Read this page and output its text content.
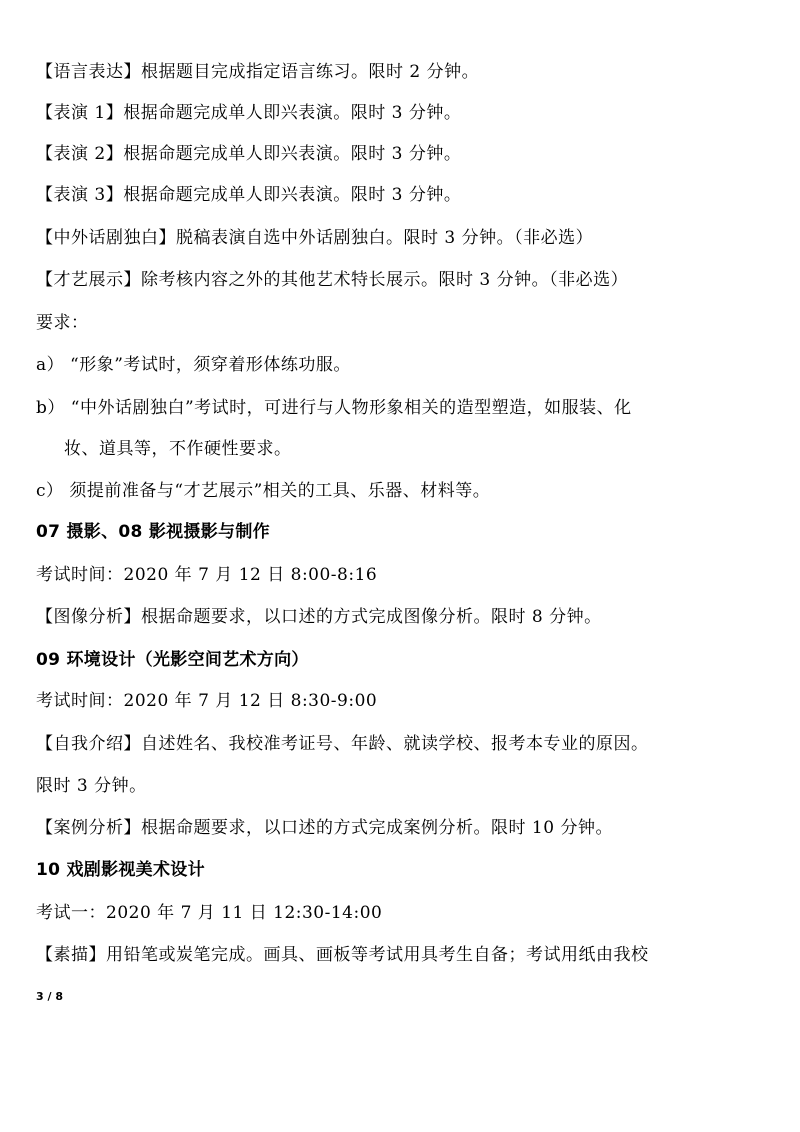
【语言表达】根据题目完成指定语言练习。限时 2 分钟。
【表演 1】根据命题完成单人即兴表演。限时 3 分钟。
【表演 2】根据命题完成单人即兴表演。限时 3 分钟。
【表演 3】根据命题完成单人即兴表演。限时 3 分钟。
【中外话剧独白】脱稿表演自选中外话剧独白。限时 3 分钟。（非必选）
【才艺展示】除考核内容之外的其他艺术特长展示。限时 3 分钟。（非必选）
要求：
a） “形象”考试时，须穿着形体练功服。
b） “中外话剧独白”考试时，可进行与人物形象相关的造型塑造，如服装、化
妆、道具等，不作硬性要求。
c） 须提前准备与“才艺展示”相关的工具、乐器、材料等。
07 摄影、08 影视摄影与制作
考试时间：2020 年 7 月 12 日 8:00-8:16
【图像分析】根据命题要求，以口述的方式完成图像分析。限时 8 分钟。
09 环境设计（光影空间艺术方向）
考试时间：2020 年 7 月 12 日 8:30-9:00
【自我介绍】自述姓名、我校准考证号、年龄、就读学校、报考本专业的原因。
限时 3 分钟。
【案例分析】根据命题要求，以口述的方式完成案例分析。限时 10 分钟。
10 戏剧影视美术设计
考试一：2020 年 7 月 11 日 12:30-14:00
【素描】用铅笔或炭笔完成。画具、画板等考试用具考生自备；考试用纸由我校
3 / 8
